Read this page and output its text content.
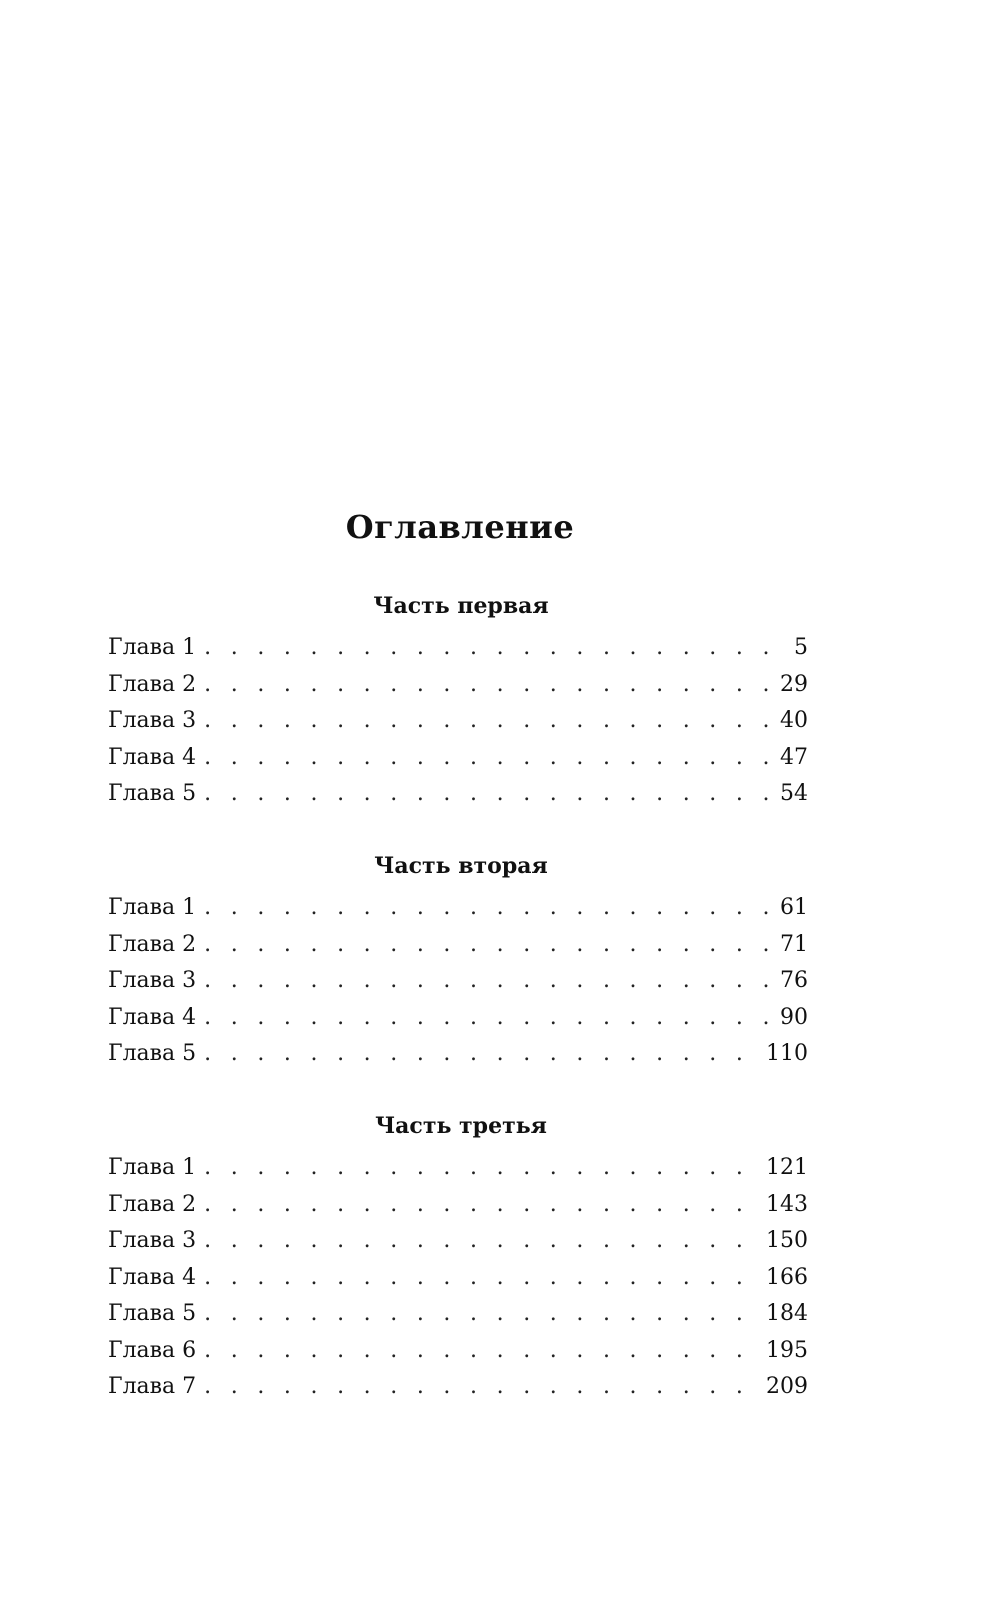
Оглавление
Часть первая
Глава 1 . . .	5
Глава 2 . . .	29
Глава 3 . . .	40
Глава 4 . . .	47
Глава 5 . . .	54
Часть вторая
Глава 1 . . .	61
Глава 2 . . .	71
Глава 3 . . .	76
Глава 4 . . .	90
Глава 5 . . .	110
Часть третья
Глава 1 . . .	121
Глава 2 . . .	143
Глава 3 . . .	150
Глава 4 . . .	166
Глава 5 . . .	184
Глава 6 . . .	195
Глава 7 . . .	209
